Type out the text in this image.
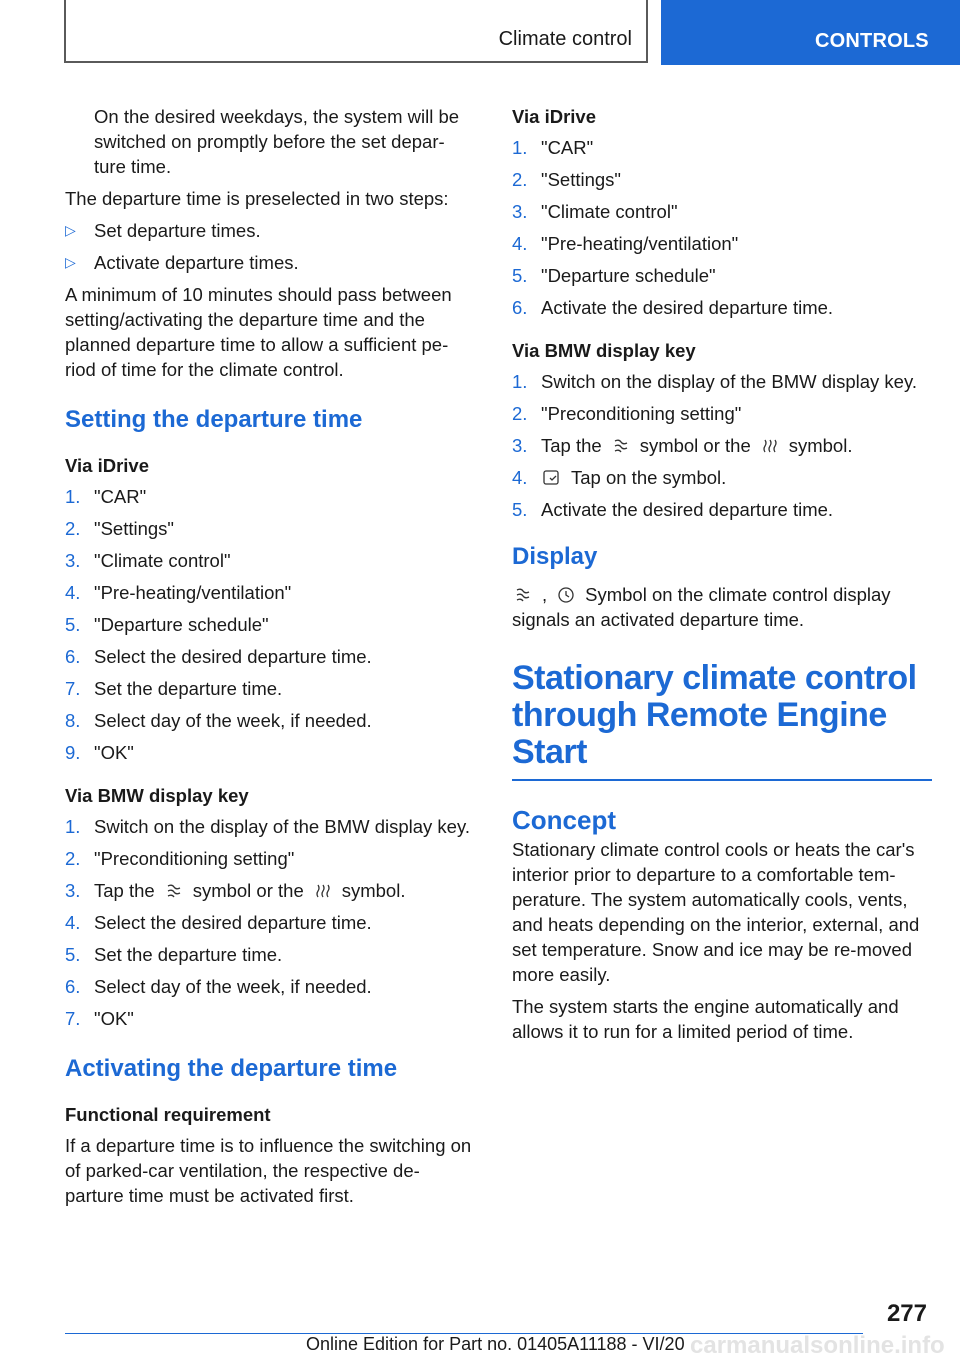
Climate control	CONTROLS

On the desired weekdays, the system will be switched on promptly before the set depar-ture time.

The departure time is preselected in two steps:

▷ Set departure times.
▷ Activate departure times.

A minimum of 10 minutes should pass between setting/activating the departure time and the planned departure time to allow a sufficient pe-riod of time for the climate control.

Setting the departure time
Via iDrive
1. "CAR"
2. "Settings"
3. "Climate control"
4. "Pre-heating/ventilation"
5. "Departure schedule"
6. Select the desired departure time.
7. Set the departure time.
8. Select day of the week, if needed.
9. "OK"
Via BMW display key
1. Switch on the display of the BMW display key.
2. "Preconditioning setting"
3. Tap the symbol or the symbol.
4. Select the desired departure time.
5. Set the departure time.
6. Select day of the week, if needed.
7. "OK"
Activating the departure time
Functional requirement

If a departure time is to influence the switching on of parked-car ventilation, the respective de-parture time must be activated first.

Via iDrive
1. "CAR"
2. "Settings"
3. "Climate control"
4. "Pre-heating/ventilation"
5. "Departure schedule"
6. Activate the desired departure time.
Via BMW display key
1. Switch on the display of the BMW display key.
2. "Preconditioning setting"
3. Tap the symbol or the symbol.
4. Tap on the symbol.
5. Activate the desired departure time.
Display

, Symbol on the climate control display signals an activated departure time.

Stationary climate control through Remote Engine Start
Concept

Stationary climate control cools or heats the car's interior prior to departure to a comfortable tem-perature. The system automatically cools, vents, and heats depending on the interior, external, and set temperature. Snow and ice may be re-moved more easily.

The system starts the engine automatically and allows it to run for a limited period of time.

277
Online Edition for Part no. 01405A11188 - VI/20 carmanualsonline.info
